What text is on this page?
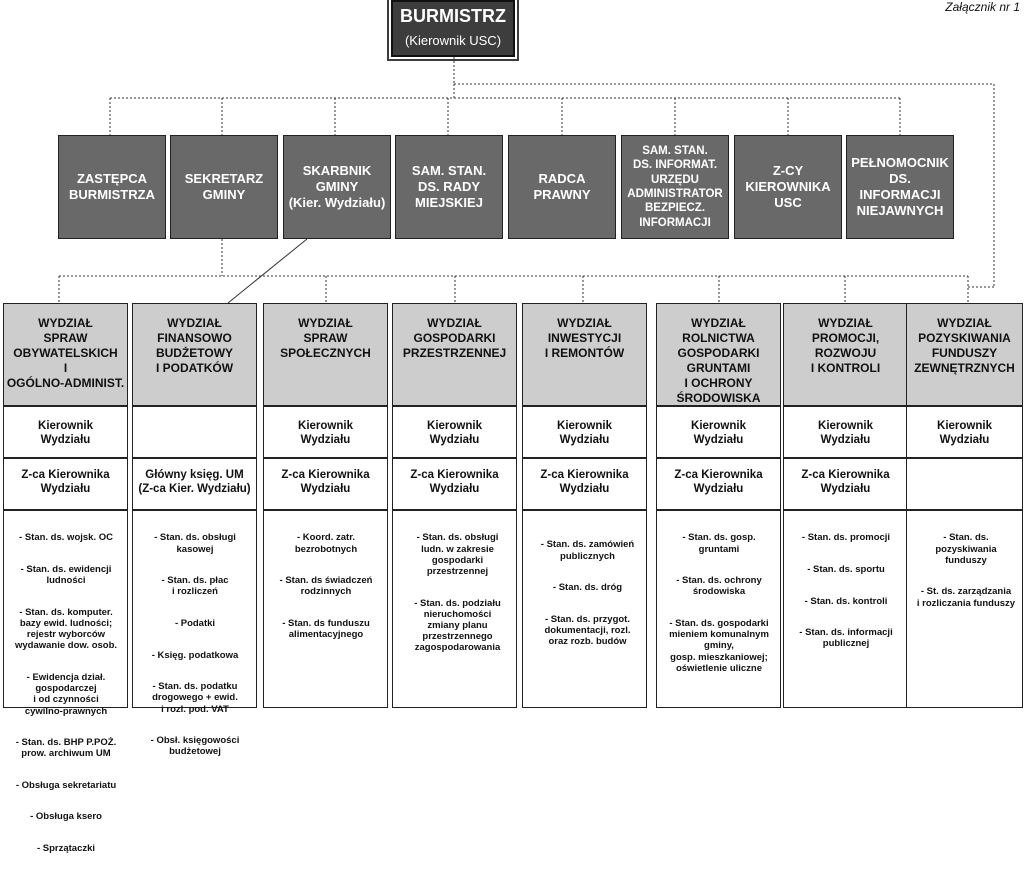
Załącznik nr 1
BURMISTRZ
(Kierownik USC)
ZASTĘPCA
BURMISTRZA
SEKRETARZ
GMINY
SKARBNIK
GMINY
(Kier. Wydziału)
SAM. STAN.
DS. RADY
MIEJSKIEJ
RADCA
PRAWNY
SAM. STAN.
DS. INFORMAT.
URZĘDU
ADMINISTRATOR
BEZPIECZ.
INFORMACJI
Z-CY
KIEROWNIKA
USC
PEŁNOMOCNIK
DS. INFORMACJI
NIEJAWNYCH
WYDZIAŁ
SPRAW
OBYWATELSKICH
I
OGÓLNO-ADMINIST.
Kierownik
Wydziału
Z-ca Kierownika
Wydziału

- Stan. ds. wojsk. OC

- Stan. ds. ewidencji
ludności

- Stan. ds. komputer.
bazy ewid. ludności;
rejestr wyborców
wydawanie dow. osob.

- Ewidencja dział.
gospodarczej
i od czynności
cywilno-prawnych

- Stan. ds. BHP P.POŻ.
prow. archiwum UM

- Obsługa sekretariatu

- Obsługa ksero

- Sprzątaczki

WYDZIAŁ
FINANSOWO
BUDŻETOWY
I PODATKÓW
Główny księg. UM
(Z-ca Kier. Wydziału)

- Stan. ds. obsługi
kasowej

- Stan. ds. płac
i rozliczeń

- Podatki

- Księg. podatkowa

- Stan. ds. podatku
drogowego + ewid.
i rozl. pod. VAT

- Obsł. księgowości
budżetowej

WYDZIAŁ
SPRAW
SPOŁECZNYCH
Kierownik
Wydziału
Z-ca Kierownika
Wydziału

- Koord. zatr.
bezrobotnych

- Stan. ds świadczeń
rodzinnych

- Stan. ds funduszu
alimentacyjnego

WYDZIAŁ
GOSPODARKI
PRZESTRZENNEJ
Kierownik
Wydziału
Z-ca Kierownika
Wydziału

- Stan. ds. obsługi
ludn. w zakresie
gospodarki
przestrzennej

- Stan. ds. podziału
nieruchomości
zmiany planu
przestrzennego
zagospodarowania

WYDZIAŁ
INWESTYCJI
I REMONTÓW
Kierownik
Wydziału
Z-ca Kierownika
Wydziału

- Stan. ds. zamówień
publicznych

- Stan. ds. dróg

- Stan. ds. przygot.
dokumentacji, rozl.
oraz rozb. budów

WYDZIAŁ
ROLNICTWA
GOSPODARKI
GRUNTAMI
I OCHRONY
ŚRODOWISKA
Kierownik
Wydziału
Z-ca Kierownika
Wydziału

- Stan. ds. gosp.
gruntami

- Stan. ds. ochrony
środowiska

- Stan. ds. gospodarki
mieniem komunalnym
gminy,
gosp. mieszkaniowej;
oświetlenie uliczne

WYDZIAŁ
PROMOCJI,
ROZWOJU
I KONTROLI
Kierownik
Wydziału
Z-ca Kierownika
Wydziału

- Stan. ds. promocji

- Stan. ds. sportu

- Stan. ds. kontroli

- Stan. ds. informacji
publicznej

WYDZIAŁ
POZYSKIWANIA
FUNDUSZY
ZEWNĘTRZNYCH
Kierownik
Wydziału

- Stan. ds. pozyskiwania
funduszy

- St. ds. zarządzania
i rozliczania funduszy
